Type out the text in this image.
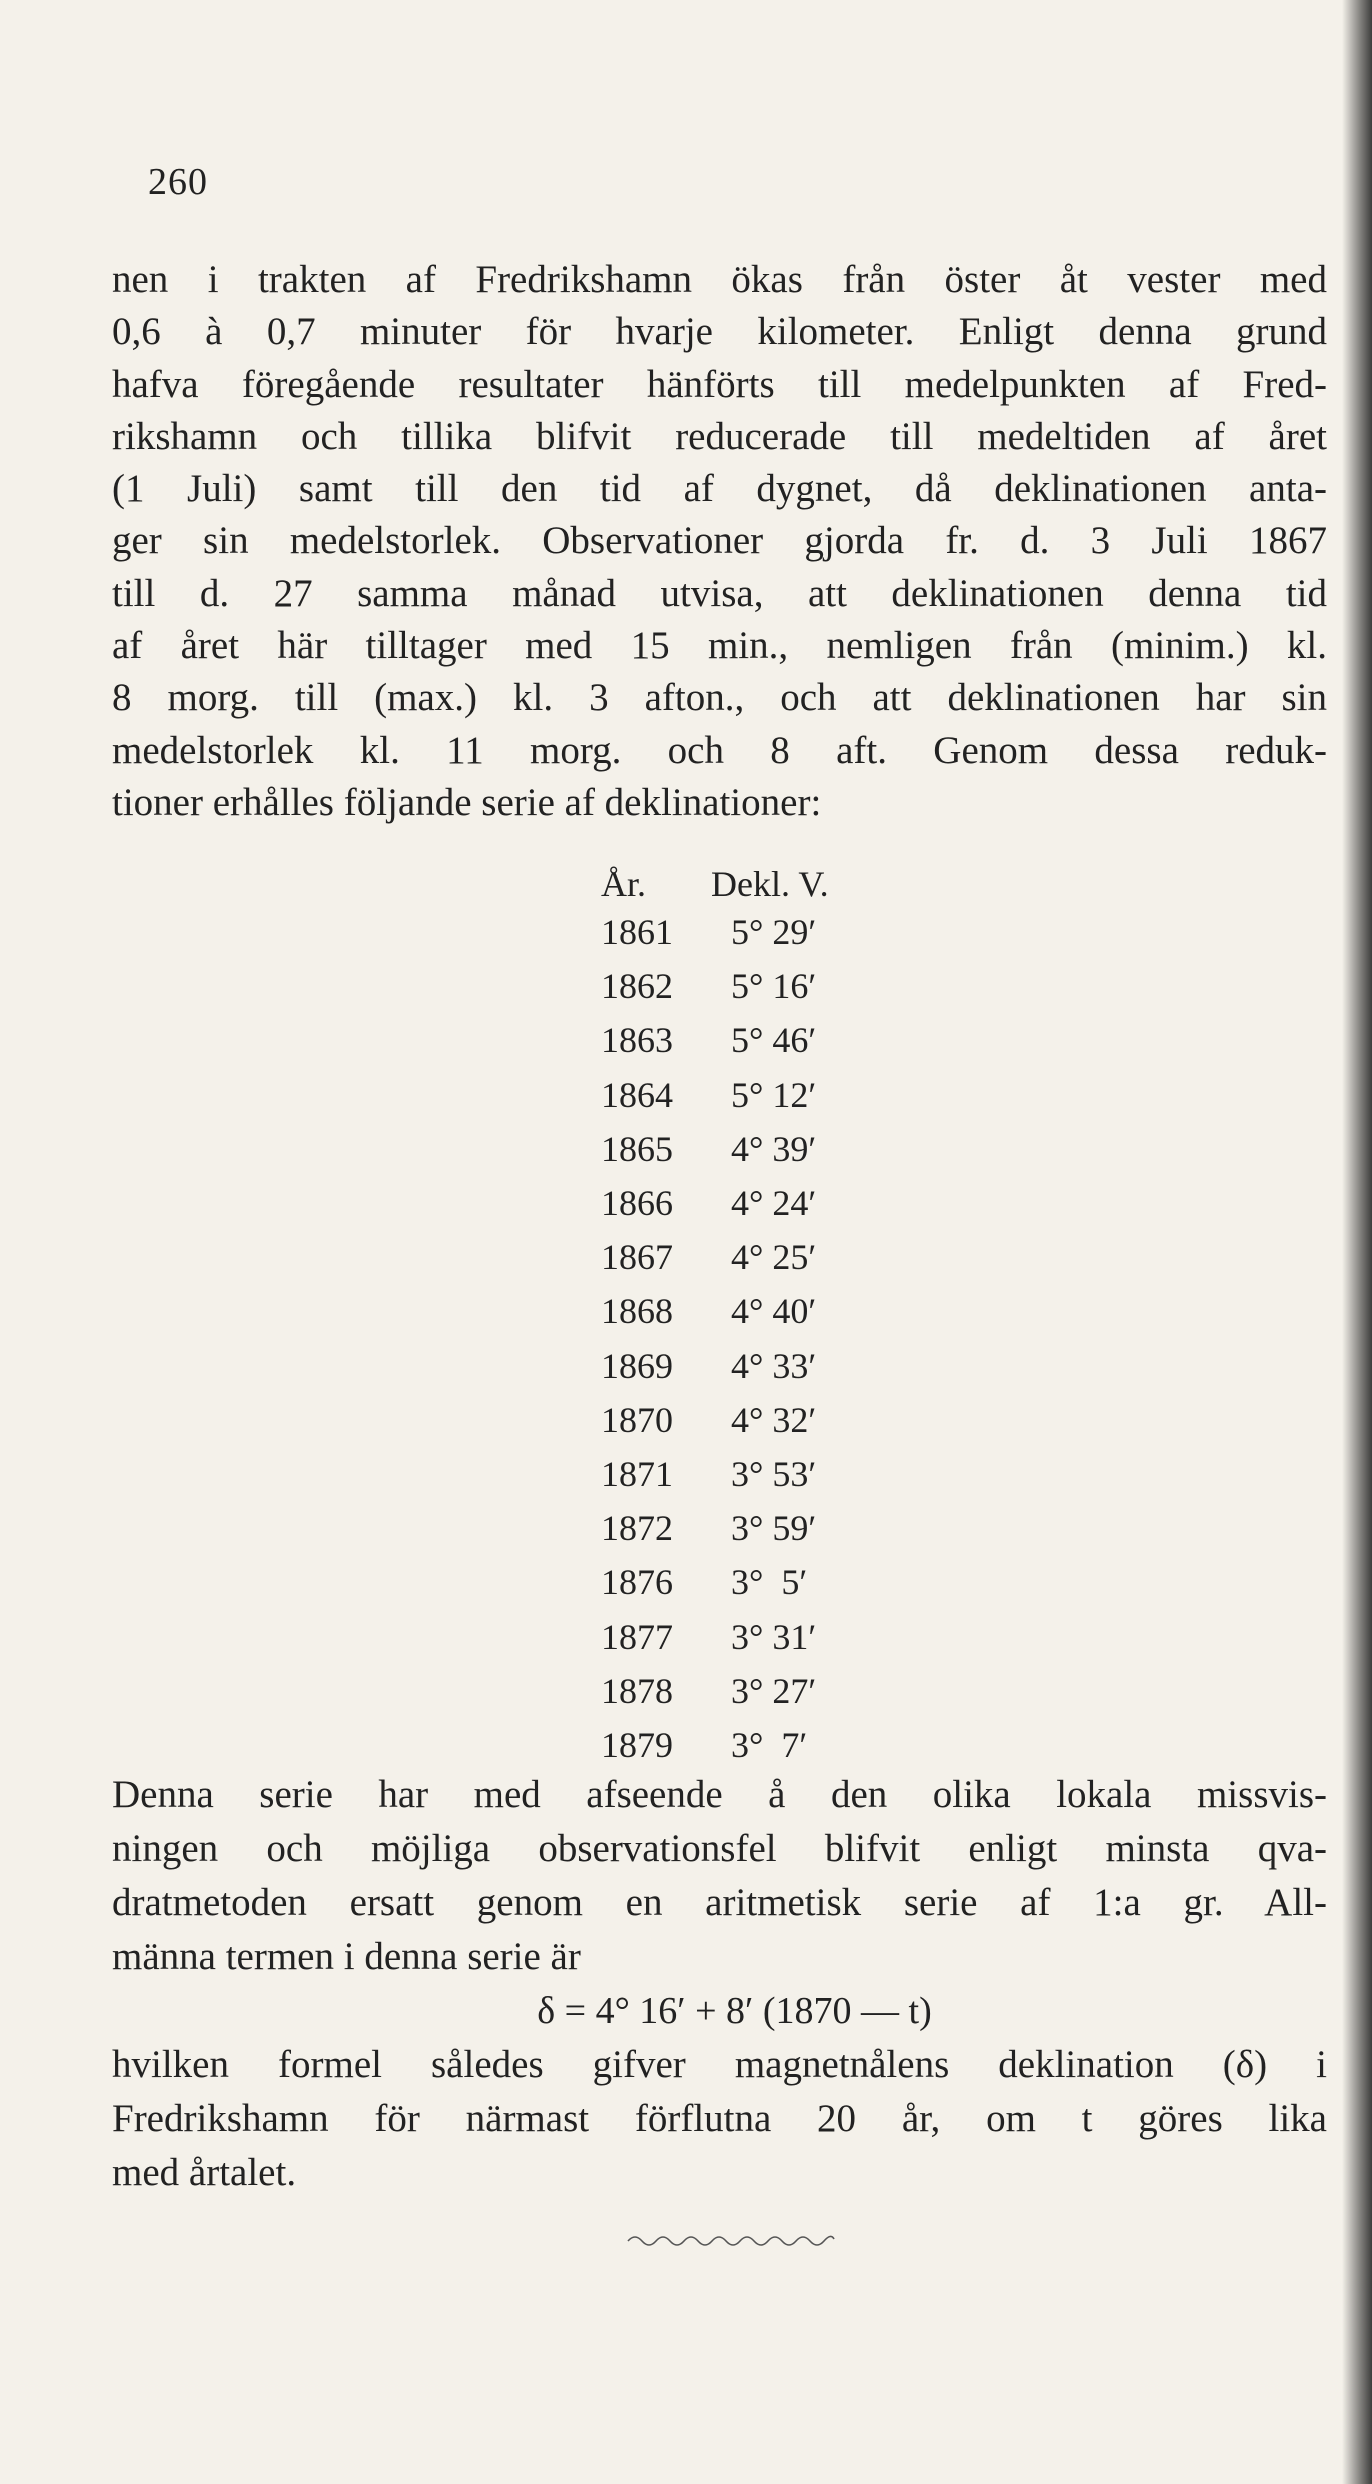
260
nen i trakten af Fredrikshamn ökas från öster åt vester med
0,6 à 0,7 minuter för hvarje kilometer. Enligt denna grund
hafva föregående resultater hänförts till medelpunkten af Fred-
rikshamn och tillika blifvit reducerade till medeltiden af året
(1 Juli) samt till den tid af dygnet, då deklinationen anta-
ger sin medelstorlek. Observationer gjorda fr. d. 3 Juli 1867
till d. 27 samma månad utvisa, att deklinationen denna tid
af året här tilltager med 15 min., nemligen från (minim.) kl.
8 morg. till (max.) kl. 3 afton., och att deklinationen har sin
medelstorlek kl. 11 morg. och 8 aft. Genom dessa reduk-
tioner erhålles följande serie af deklinationer:
År.	Dekl. V.
1861	5° 29′
1862	5° 16′
1863	5° 46′
1864	5° 12′
1865	4° 39′
1866	4° 24′
1867	4° 25′
1868	4° 40′
1869	4° 33′
1870	4° 32′
1871	3° 53′
1872	3° 59′
1876	3°  5′
1877	3° 31′
1878	3° 27′
1879	3°  7′
Denna serie har med afseende å den olika lokala missvis-
ningen och möjliga observationsfel blifvit enligt minsta qva-
dratmetoden ersatt genom en aritmetisk serie af 1:a gr. All-
männa termen i denna serie är
δ = 4° 16′ + 8′ (1870 — t)
hvilken formel således gifver magnetnålens deklination (δ) i
Fredrikshamn för närmast förflutna 20 år, om t göres lika
med årtalet.
